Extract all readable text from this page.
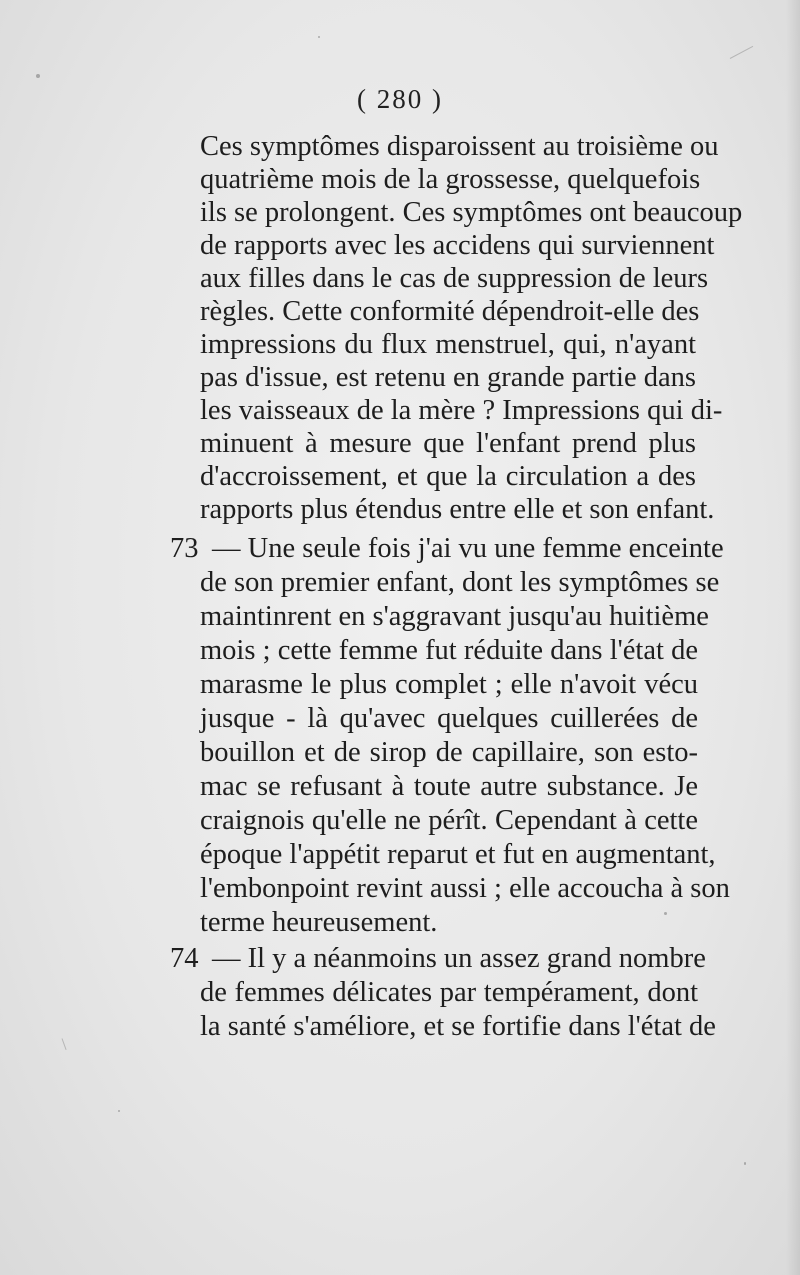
( 280 )
Ces symptômes disparoissent au troisième ou
quatrième mois de la grossesse, quelquefois
ils se prolongent. Ces symptômes ont beaucoup
de rapports avec les accidens qui surviennent
aux filles dans le cas de suppression de leurs
règles. Cette conformité dépendroit-elle des
impressions du flux menstruel, qui, n'ayant
pas d'issue, est retenu en grande partie dans
les vaisseaux de la mère ? Impressions qui di-
minuent à mesure que l'enfant prend plus
d'accroissement, et que la circulation a des
rapports plus étendus entre elle et son enfant.
73 — Une seule fois j'ai vu une femme enceinte
de son premier enfant, dont les symptômes se
maintinrent en s'aggravant jusqu'au huitième
mois ; cette femme fut réduite dans l'état de
marasme le plus complet ; elle n'avoit vécu
jusque - là qu'avec quelques cuillerées de
bouillon et de sirop de capillaire, son esto-
mac se refusant à toute autre substance. Je
craignois qu'elle ne pérît. Cependant à cette
époque l'appétit reparut et fut en augmentant,
l'embonpoint revint aussi ; elle accoucha à son
terme heureusement.
74 — Il y a néanmoins un assez grand nombre
de femmes délicates par tempérament, dont
la santé s'améliore, et se fortifie dans l'état de
